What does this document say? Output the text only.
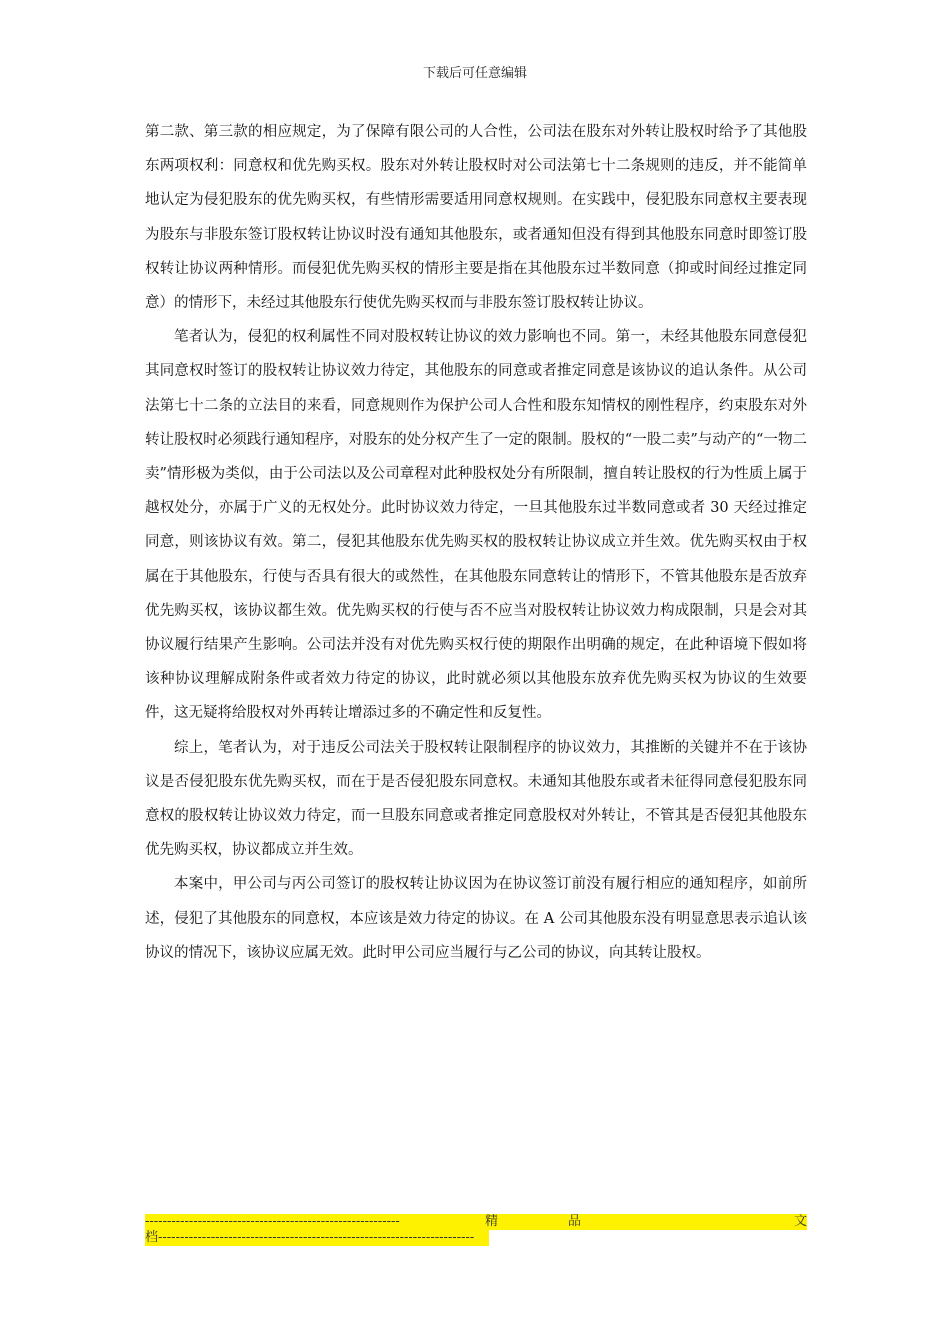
下载后可任意编辑

第二款、第三款的相应规定，为了保障有限公司的人合性，公司法在股东对外转让股权时给予了其他股东两项权利：同意权和优先购买权。股东对外转让股权时对公司法第七十二条规则的违反，并不能简单地认定为侵犯股东的优先购买权，有些情形需要适用同意权规则。在实践中，侵犯股东同意权主要表现为股东与非股东签订股权转让协议时没有通知其他股东，或者通知但没有得到其他股东同意时即签订股权转让协议两种情形。而侵犯优先购买权的情形主要是指在其他股东过半数同意（抑或时间经过推定同意）的情形下，未经过其他股东行使优先购买权而与非股东签订股权转让协议。

笔者认为，侵犯的权利属性不同对股权转让协议的效力影响也不同。第一，未经其他股东同意侵犯其同意权时签订的股权转让协议效力待定，其他股东的同意或者推定同意是该协议的追认条件。从公司法第七十二条的立法目的来看，同意规则作为保护公司人合性和股东知情权的刚性程序，约束股东对外转让股权时必须践行通知程序，对股东的处分权产生了一定的限制。股权的“一股二卖”与动产的“一物二卖”情形极为类似，由于公司法以及公司章程对此种股权处分有所限制，擅自转让股权的行为性质上属于越权处分，亦属于广义的无权处分。此时协议效力待定，一旦其他股东过半数同意或者 30 天经过推定同意，则该协议有效。第二，侵犯其他股东优先购买权的股权转让协议成立并生效。优先购买权由于权属在于其他股东，行使与否具有很大的或然性，在其他股东同意转让的情形下，不管其他股东是否放弃优先购买权，该协议都生效。优先购买权的行使与否不应当对股权转让协议效力构成限制，只是会对其协议履行结果产生影响。公司法并没有对优先购买权行使的期限作出明确的规定，在此种语境下假如将该种协议理解成附条件或者效力待定的协议，此时就必须以其他股东放弃优先购买权为协议的生效要件，这无疑将给股权对外再转让增添过多的不确定性和反复性。

综上，笔者认为，对于违反公司法关于股权转让限制程序的协议效力，其推断的关键并不在于该协议是否侵犯股东优先购买权，而在于是否侵犯股东同意权。未通知其他股东或者未征得同意侵犯股东同意权的股权转让协议效力待定，而一旦股东同意或者推定同意股权对外转让，不管其是否侵犯其他股东优先购买权，协议都成立并生效。

本案中，甲公司与丙公司签订的股权转让协议因为在协议签订前没有履行相应的通知程序，如前所述，侵犯了其他股东的同意权，本应该是效力待定的协议。在 A 公司其他股东没有明显意思表示追认该协议的情况下，该协议应属无效。此时甲公司应当履行与乙公司的协议，向其转让股权。

----------------------------------------------------------	精	品	文
档------------------------------------------------------------------------
